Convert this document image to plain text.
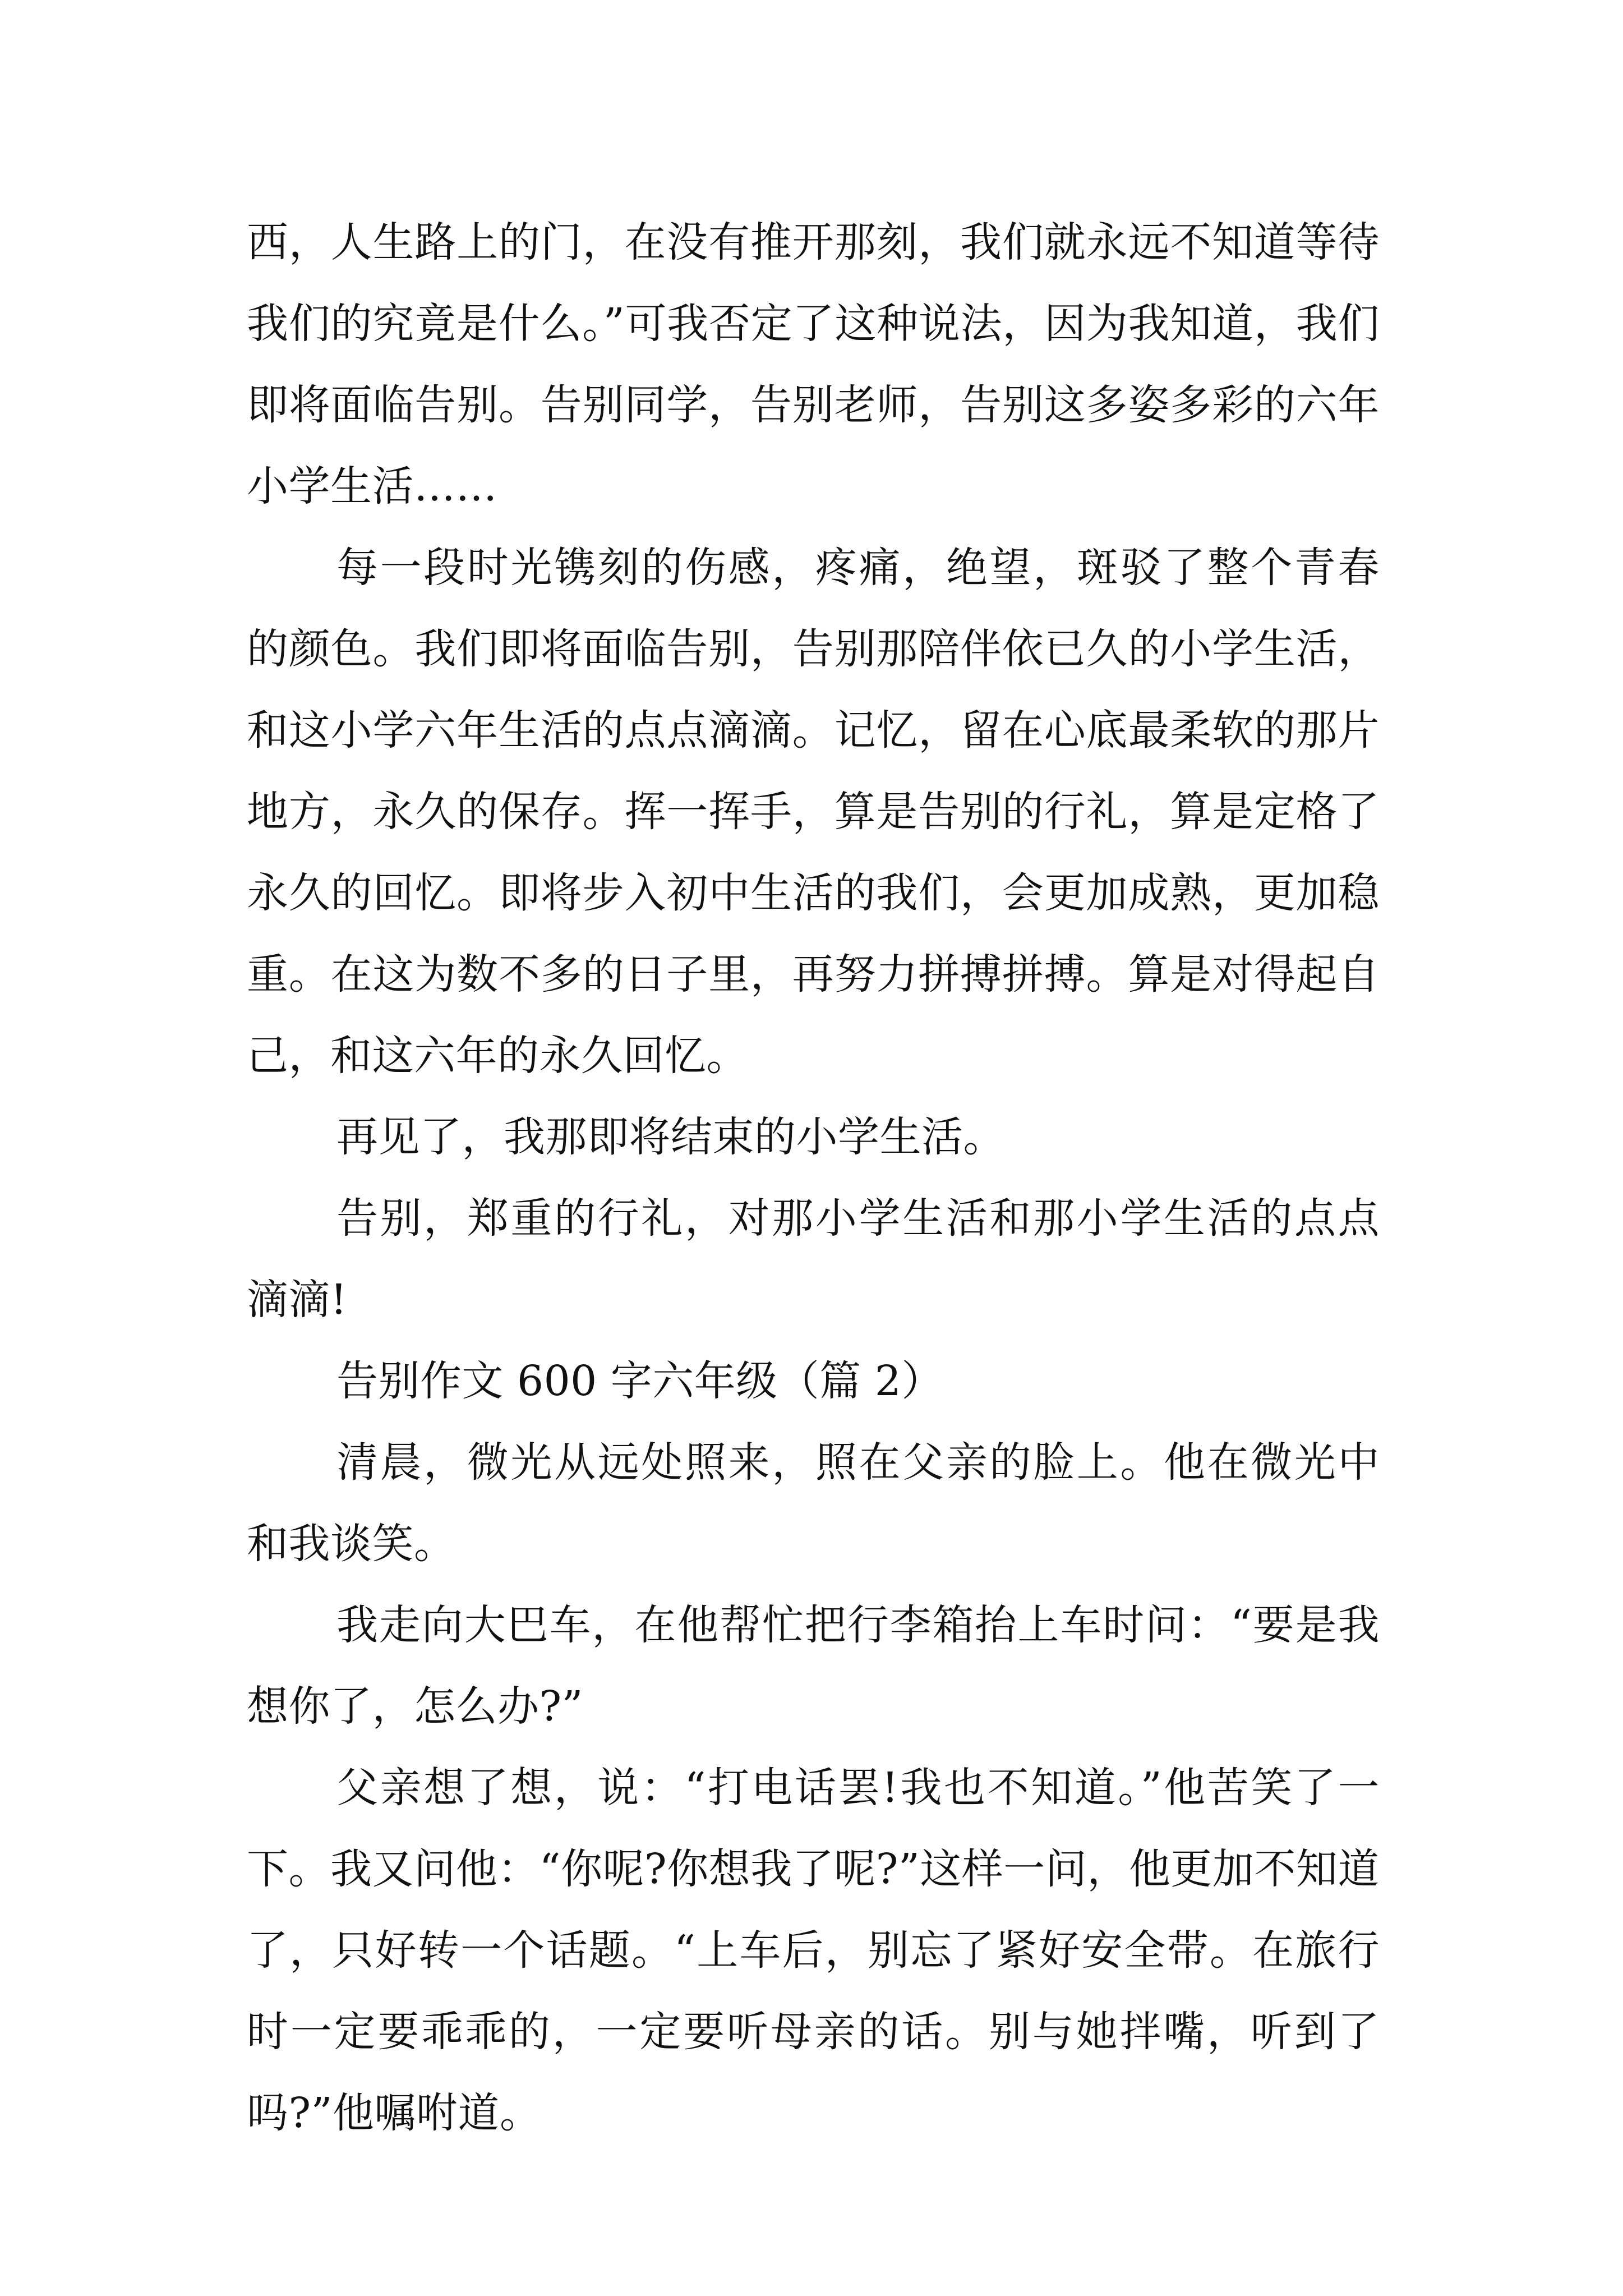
西，人生路上的门，在没有推开那刻，我们就永远不知道等待我们的究竟是什么。”可我否定了这种说法，因为我知道，我们即将面临告别。告别同学，告别老师，告别这多姿多彩的六年小学生活……

每一段时光镌刻的伤感，疼痛，绝望，斑驳了整个青春的颜色。我们即将面临告别，告别那陪伴依已久的小学生活，和这小学六年生活的点点滴滴。记忆，留在心底最柔软的那片地方，永久的保存。挥一挥手，算是告别的行礼，算是定格了永久的回忆。即将步入初中生活的我们，会更加成熟，更加稳重。在这为数不多的日子里，再努力拼搏拼搏。算是对得起自己，和这六年的永久回忆。

再见了，我那即将结束的小学生活。

告别，郑重的行礼，对那小学生活和那小学生活的点点滴滴!

告别作文 600 字六年级（篇 2）

清晨，微光从远处照来，照在父亲的脸上。他在微光中和我谈笑。

我走向大巴车，在他帮忙把行李箱抬上车时问：“要是我想你了，怎么办?”

父亲想了想，说：“打电话罢!我也不知道。”他苦笑了一下。我又问他：“你呢?你想我了呢?”这样一问，他更加不知道了，只好转一个话题。“上车后，别忘了紧好安全带。在旅行时一定要乖乖的，一定要听母亲的话。别与她拌嘴，听到了吗?”他嘱咐道。
